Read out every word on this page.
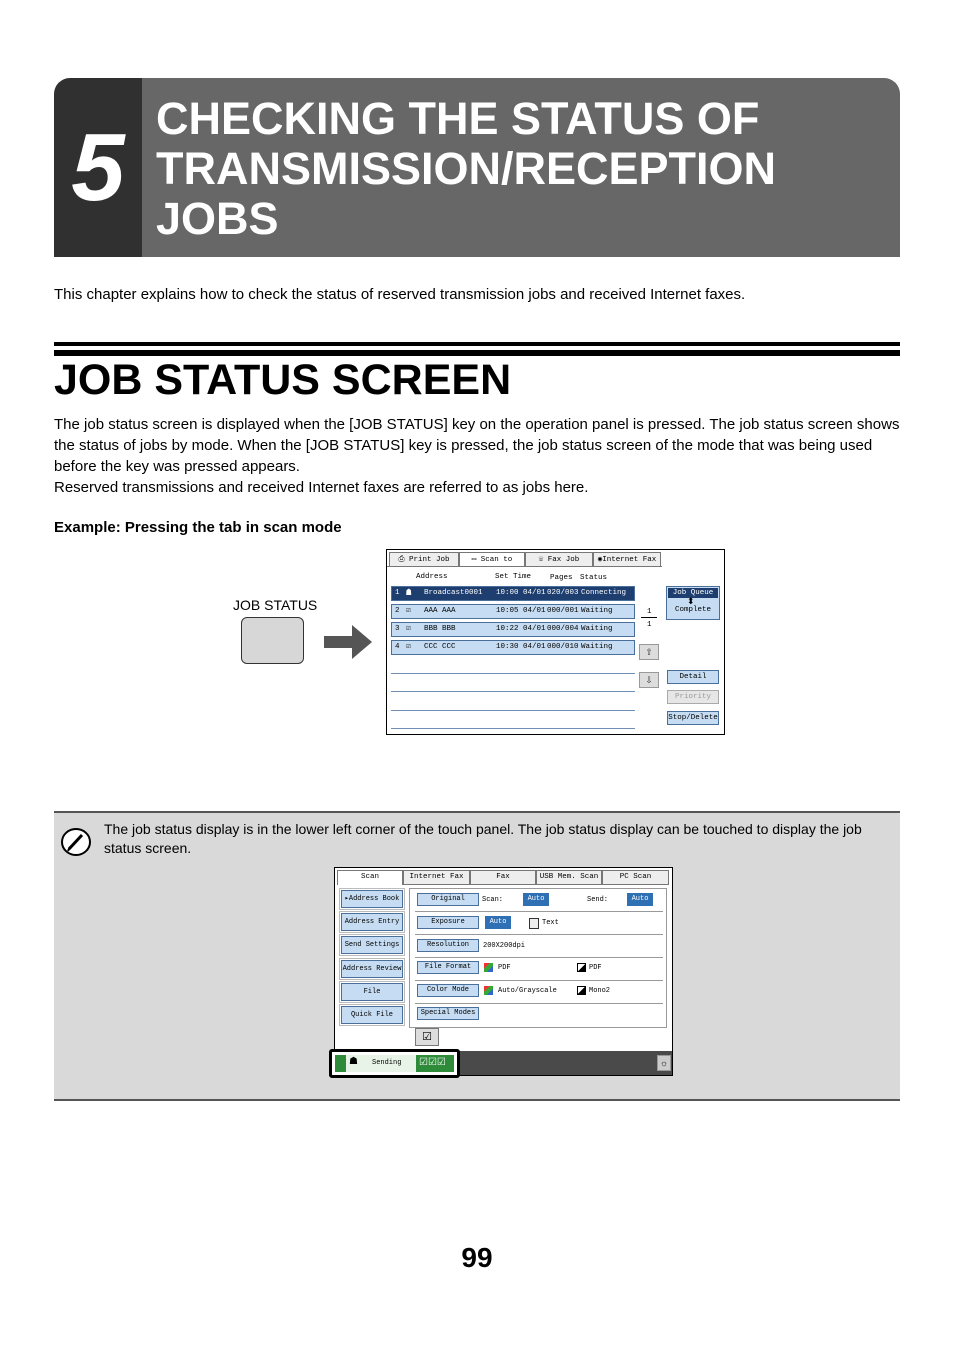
5 CHECKING THE STATUS OF TRANSMISSION/RECEPTION JOBS
This chapter explains how to check the status of reserved transmission jobs and received Internet faxes.
JOB STATUS SCREEN
The job status screen is displayed when the [JOB STATUS] key on the operation panel is pressed. The job status screen shows the status of jobs by mode. When the [JOB STATUS] key is pressed, the job status screen of the mode that was being used before the key was pressed appears.
Reserved transmissions and received Internet faxes are referred to as jobs here.
Example: Pressing the tab in scan mode
JOB STATUS
⎙ Print Job	▭ Scan to	☏ Fax Job	◉Internet Fax
Address	Set Time	Pages Status
1 ☗ Broadcast0001 10:00 04/01 020/003 Connecting
2 ☑ AAA AAA	10:05 04/01 000/001 Waiting
3 ☑ BBB BBB	10:22 04/01 000/004 Waiting
4 ☑ CCC CCC	10:30 04/01 000/010 Waiting
1
1
⇧
⇩
Job Queue
⬍
Complete
Detail
Priority
Stop/Delete
The job status display is in the lower left corner of the touch panel. The job status display can be touched to display the job status screen.
Scan	Internet Fax	Fax	USB Mem. Scan	PC Scan
▸Address Book
Address Entry
Send Settings
Address Review
File
Quick File
Original	Scan:	Auto	Send:	Auto
Exposure	Auto	Text
Resolution	200X200dpi
File Format	PDF	PDF
Color Mode	Auto/Grayscale	Mono2
Special Modes
☑
☼
☗ Sending ☑☑☑
99
